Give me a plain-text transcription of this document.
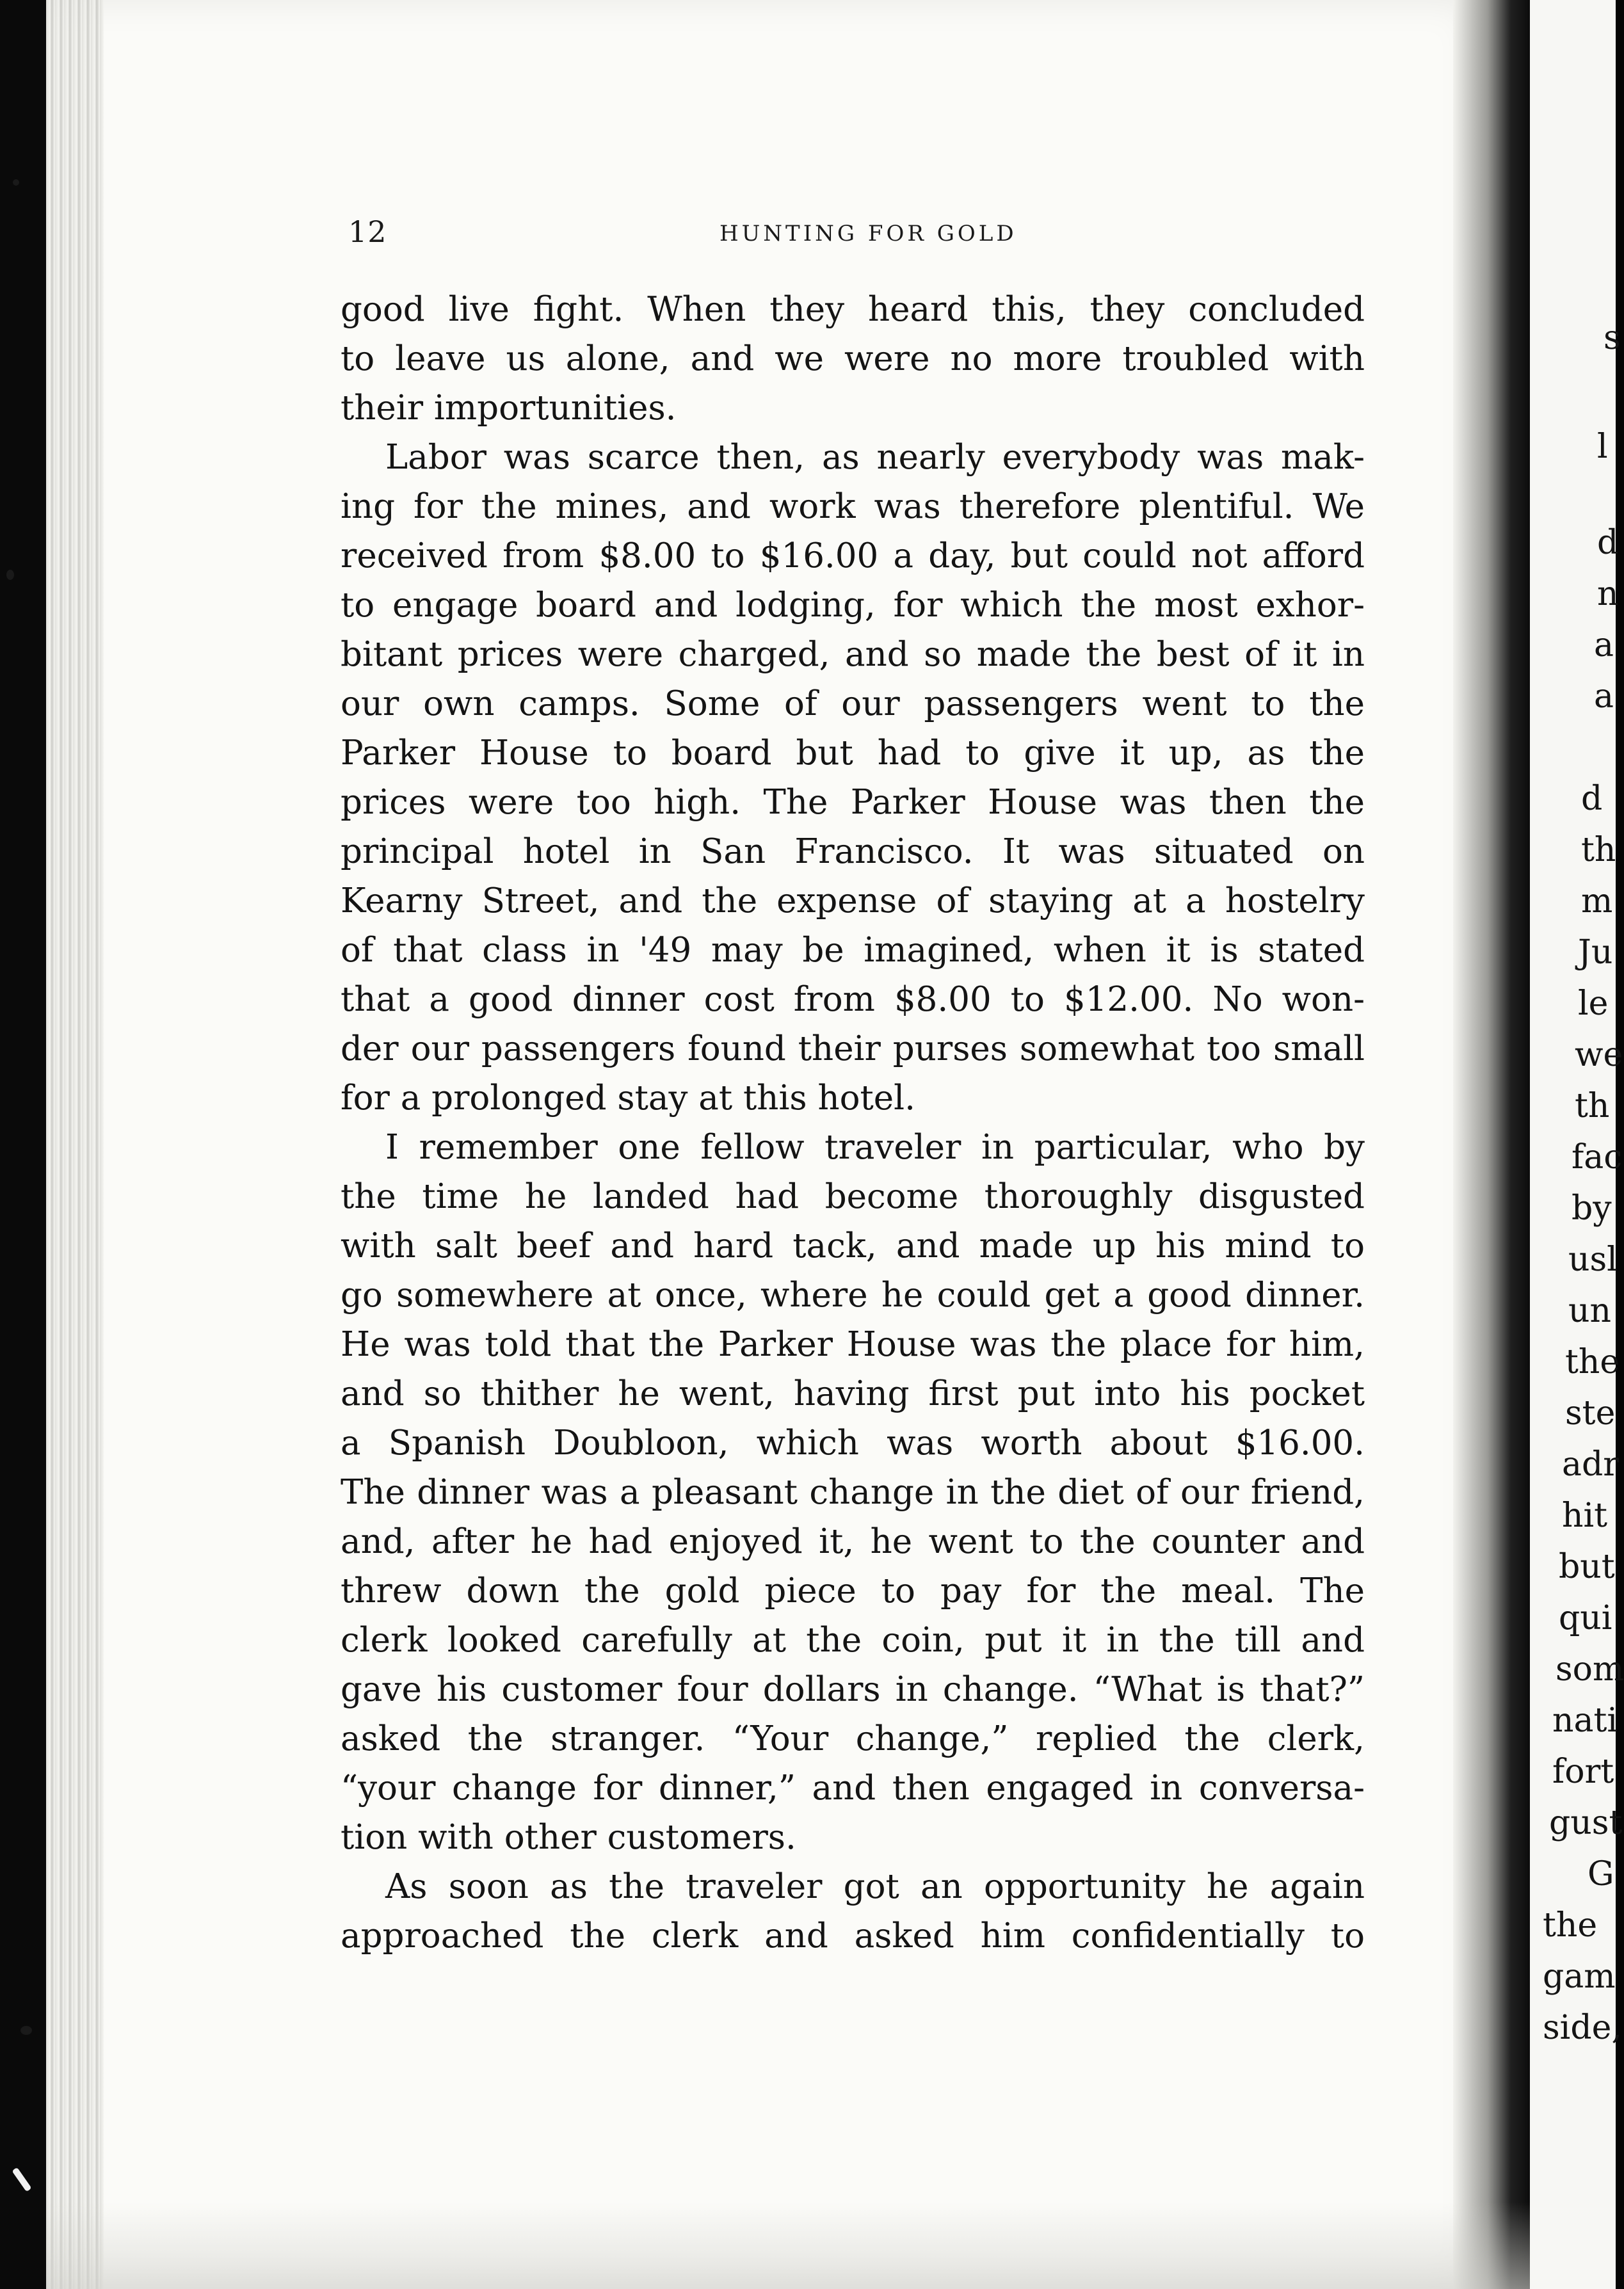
12	HUNTING FOR GOLD
good live fight. When they heard this, they concluded
to leave us alone, and we were no more troubled with
their importunities.
Labor was scarce then, as nearly everybody was mak-
ing for the mines, and work was therefore plentiful. We
received from $8.00 to $16.00 a day, but could not afford
to engage board and lodging, for which the most exhor-
bitant prices were charged, and so made the best of it in
our own camps. Some of our passengers went to the
Parker House to board but had to give it up, as the
prices were too high. The Parker House was then the
principal hotel in San Francisco. It was situated on
Kearny Street, and the expense of staying at a hostelry
of that class in '49 may be imagined, when it is stated
that a good dinner cost from $8.00 to $12.00. No won-
der our passengers found their purses somewhat too small
for a prolonged stay at this hotel.
I remember one fellow traveler in particular, who by
the time he landed had become thoroughly disgusted
with salt beef and hard tack, and made up his mind to
go somewhere at once, where he could get a good dinner.
He was told that the Parker House was the place for him,
and so thither he went, having first put into his pocket
a Spanish Doubloon, which was worth about $16.00.
The dinner was a pleasant change in the diet of our friend,
and, after he had enjoyed it, he went to the counter and
threw down the gold piece to pay for the meal. The
clerk looked carefully at the coin, put it in the till and
gave his customer four dollars in change. “What is that?”
asked the stranger. “Your change,” replied the clerk,
“your change for dinner,” and then engaged in conversa-
tion with other customers.
As soon as the traveler got an opportunity he again
approached the clerk and asked him confidentially to
s
l
d
n
a
a
d
th
m
Ju
le
we
th
fac
by
usl
un
the
ste
adr
hit
but
qui
som
nati
fort
gust
G
the
gam
side,
